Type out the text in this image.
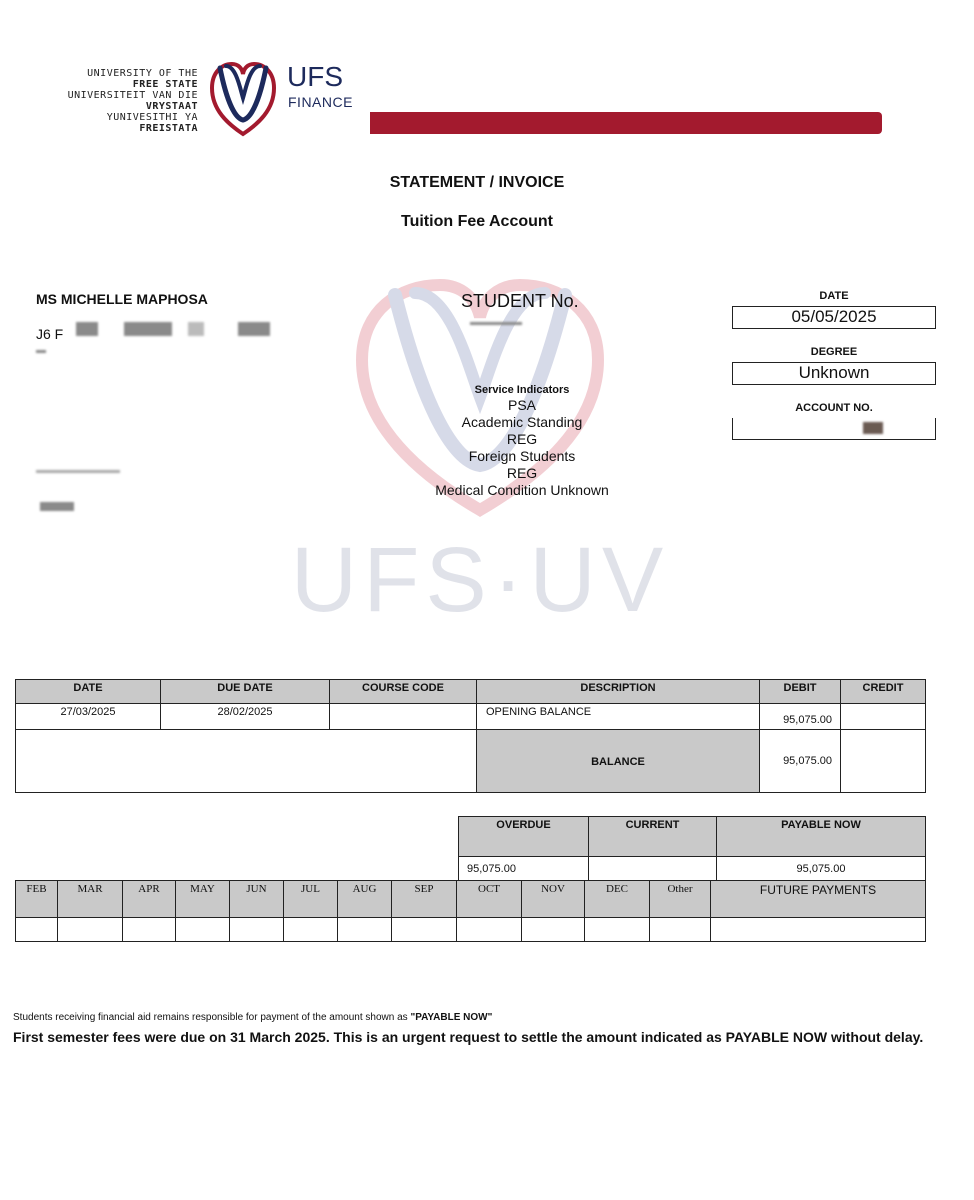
UNIVERSITY OF THE
FREE STATE
UNIVERSITEIT VAN DIE
VRYSTAAT
YUNIVESITHI YA
FREISTATA
UFS
FINANCE
STATEMENT / INVOICE
Tuition Fee Account
UFS·UV
MS MICHELLE MAPHOSA
J6 F
STUDENT No.
Service Indicators
PSA
Academic Standing
REG
Foreign Students
REG
Medical Condition Unknown
DATE
05/05/2025
DEGREE
Unknown
ACCOUNT NO.
DATE	DUE DATE	COURSE CODE	DESCRIPTION	DEBIT	CREDIT
27/03/2025	28/02/2025		OPENING BALANCE	95,075.00	
			BALANCE	95,075.00	
OVERDUE	CURRENT	PAYABLE NOW
95,075.00		95,075.00
FEB	MAR	APR	MAY	JUN	JUL	AUG	SEP	OCT	NOV	DEC	Other	FUTURE PAYMENTS

Students receiving financial aid remains responsible for payment of the amount shown as "PAYABLE NOW"
First semester fees were due on 31 March 2025. This is an urgent request to settle the amount indicated as PAYABLE NOW without delay.
